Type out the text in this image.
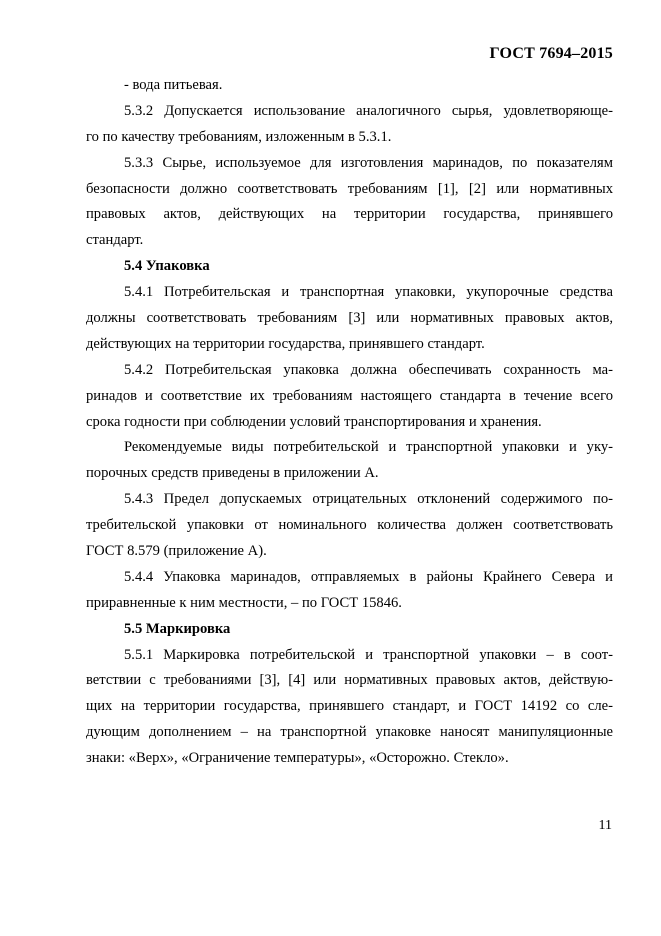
ГОСТ 7694–2015
- вода питьевая.
5.3.2 Допускается использование аналогичного сырья, удовлетворяюще-
го по качеству требованиям, изложенным в 5.3.1.
5.3.3 Сырье, используемое для изготовления маринадов, по показателям
безопасности должно соответствовать требованиям [1], [2] или нормативных
правовых актов, действующих на территории государства, принявшего
стандарт.
5.4 Упаковка
5.4.1 Потребительская и транспортная упаковки, укупорочные средства
должны соответствовать требованиям [3] или нормативных правовых актов,
действующих на территории государства, принявшего стандарт.
5.4.2 Потребительская упаковка должна обеспечивать сохранность ма-
ринадов и соответствие их требованиям настоящего стандарта в течение всего
срока годности при соблюдении условий транспортирования и хранения.
Рекомендуемые виды потребительской и транспортной упаковки и уку-
порочных средств приведены в приложении А.
5.4.3 Предел допускаемых отрицательных отклонений содержимого по-
требительской упаковки от номинального количества должен соответствовать
ГОСТ 8.579 (приложение А).
5.4.4 Упаковка маринадов, отправляемых в районы Крайнего Севера и
приравненные к ним местности, – по ГОСТ 15846.
5.5 Маркировка
5.5.1 Маркировка потребительской и транспортной упаковки – в соот-
ветствии с требованиями [3], [4] или нормативных правовых актов, действую-
щих на территории государства, принявшего стандарт, и ГОСТ 14192 со сле-
дующим дополнением – на транспортной упаковке наносят манипуляционные
знаки: «Верх», «Ограничение температуры», «Осторожно. Стекло».
11
